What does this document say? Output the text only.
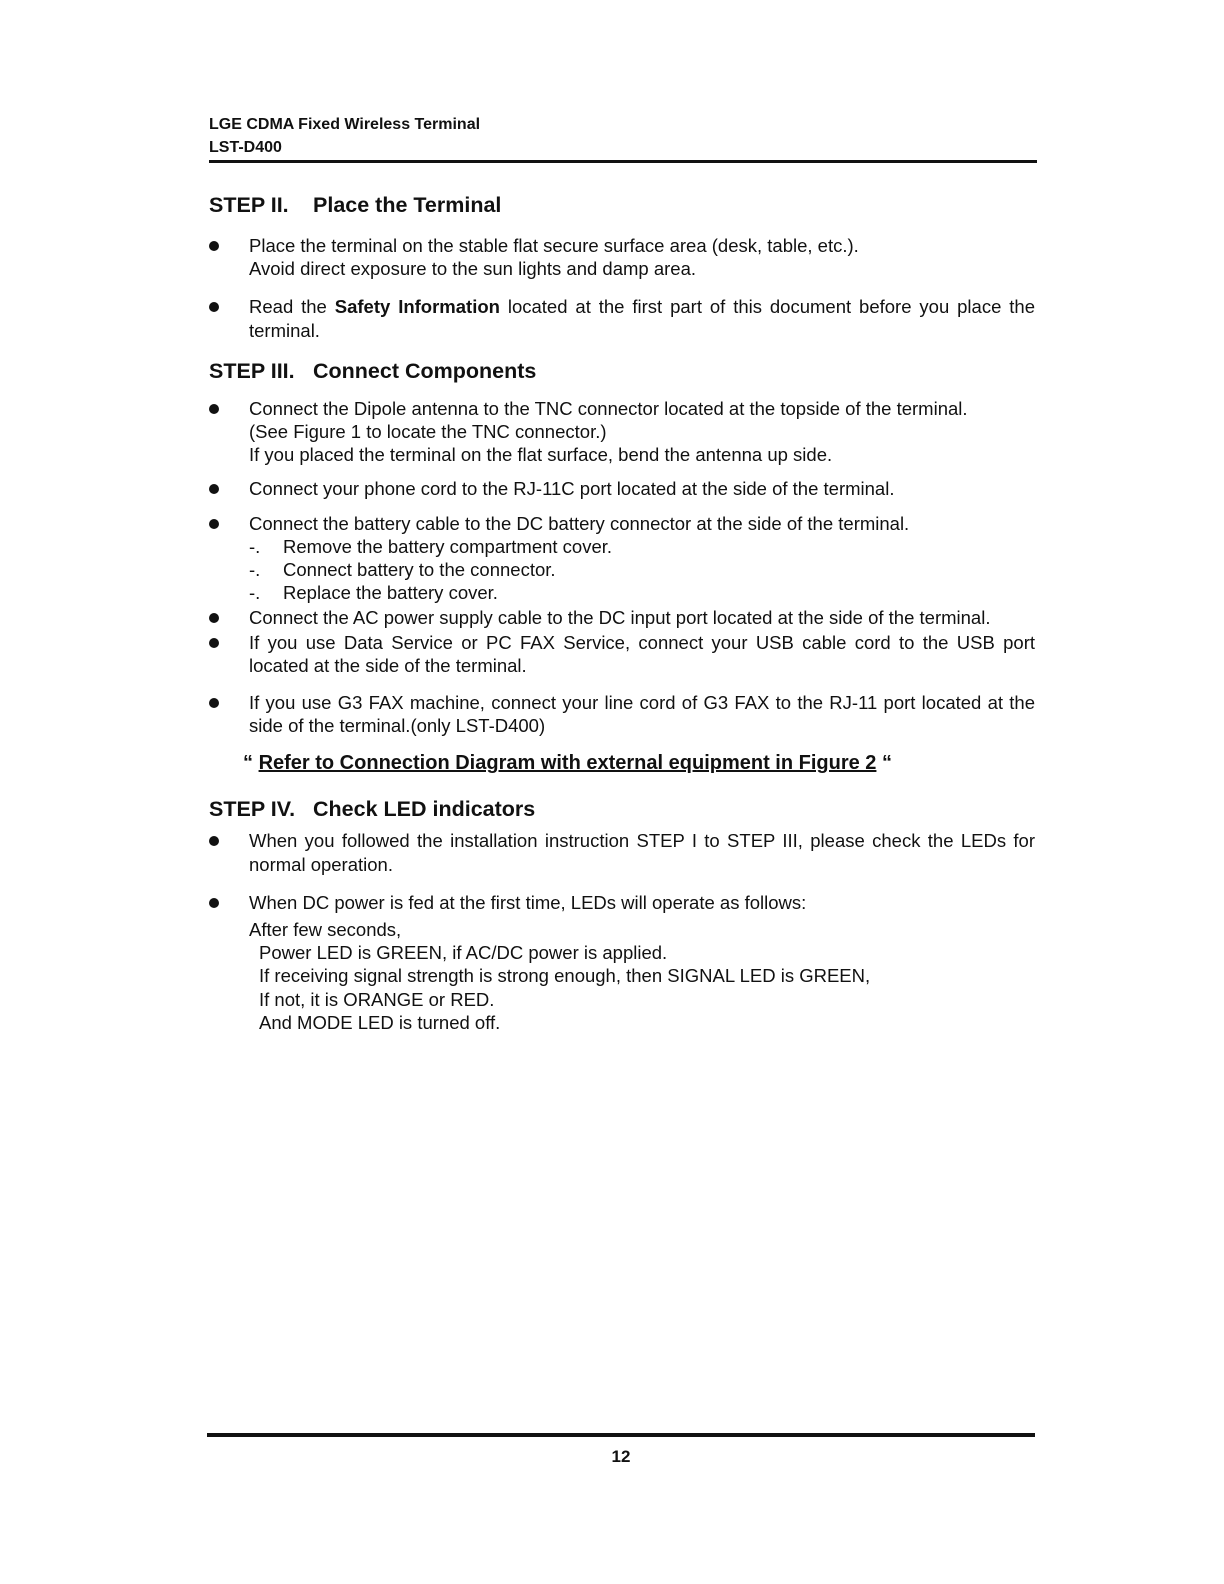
LGE CDMA Fixed Wireless Terminal
LST-D400
STEP II. Place the Terminal
Place the terminal on the stable flat secure surface area (desk, table, etc.).
Avoid direct exposure to the sun lights and damp area.
Read the Safety Information located at the first part of this document before you place the terminal.
STEP III. Connect Components
Connect the Dipole antenna to the TNC connector located at the topside of the terminal.
(See Figure 1 to locate the TNC connector.)
If you placed the terminal on the flat surface, bend the antenna up side.
Connect your phone cord to the RJ-11C port located at the side of the terminal.
Connect the battery cable to the DC battery connector at the side of the terminal.
-. Remove the battery compartment cover.
-. Connect battery to the connector.
-. Replace the battery cover.
Connect the AC power supply cable to the DC input port located at the side of the terminal.
If you use Data Service or PC FAX Service, connect your USB cable cord to the USB port located at the side of the terminal.
If you use G3 FAX machine, connect your line cord of G3 FAX to the RJ-11 port located at the side of the terminal.(only LST-D400)
“ Refer to Connection Diagram with external equipment in Figure 2 “
STEP IV. Check LED indicators
When you followed the installation instruction STEP I to STEP III, please check the LEDs for normal operation.
When DC power is fed at the first time, LEDs will operate as follows:
After few seconds,
Power LED is GREEN, if AC/DC power is applied.
If receiving signal strength is strong enough, then SIGNAL LED is GREEN,
If not, it is ORANGE or RED.
And MODE LED is turned off.
12
